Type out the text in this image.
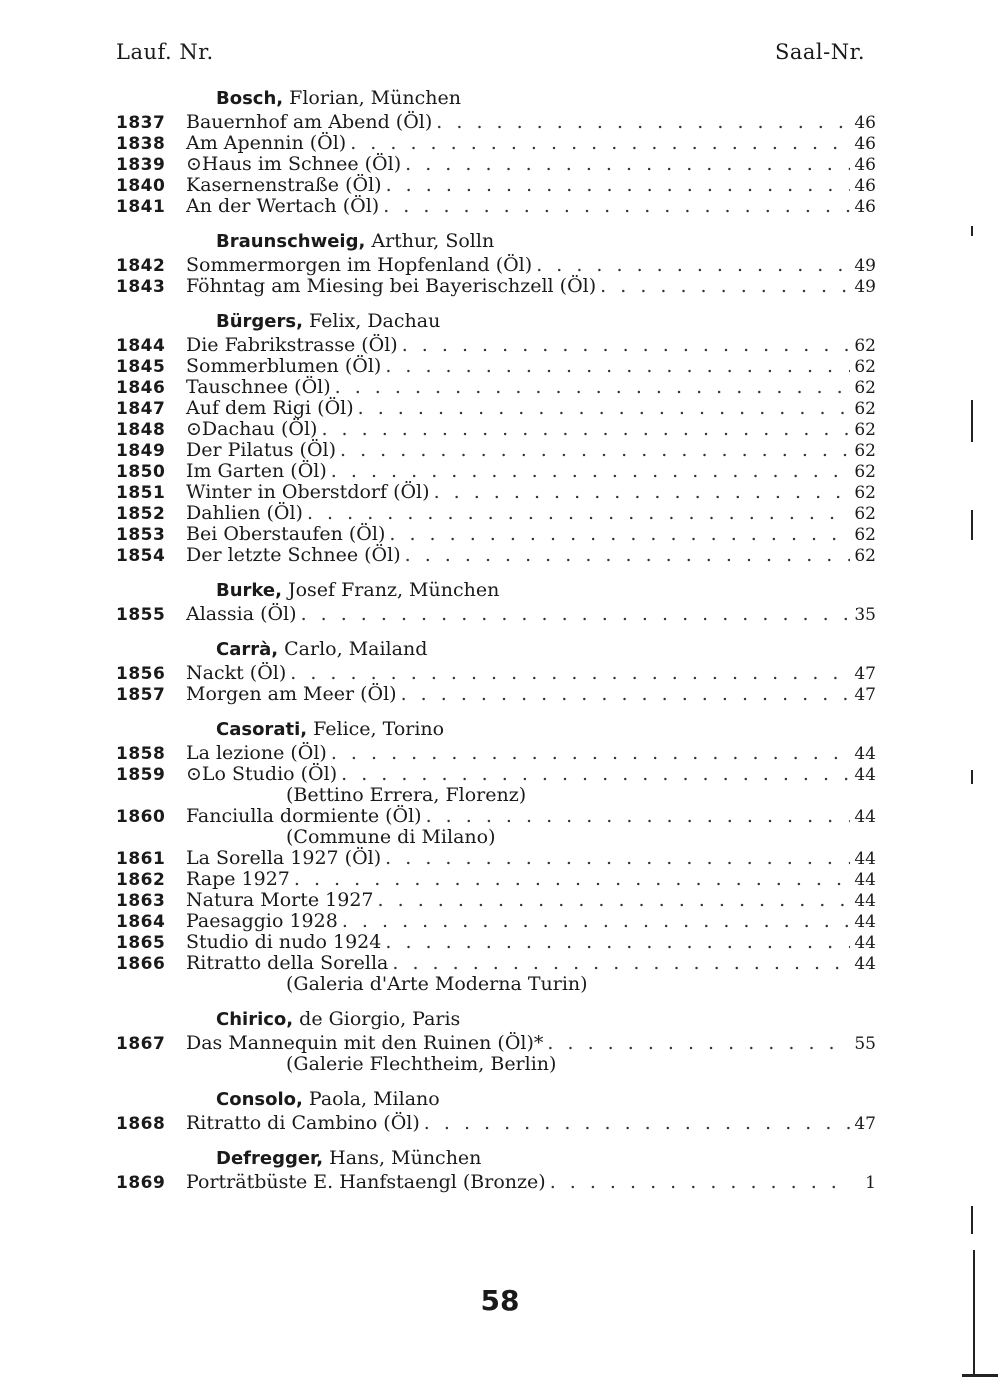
Lauf. Nr.	Saal-Nr.
Bosch, Florian, München
1837	Bauernhof am Abend (Öl) . . .	46
1838	Am Apennin (Öl) . . .	46
1839	⊙Haus im Schnee (Öl) . . .	46
1840	Kasernenstraße (Öl) . . .	46
1841	An der Wertach (Öl) . . .	46
Braunschweig, Arthur, Solln
1842	Sommermorgen im Hopfenland (Öl) . . .	49
1843	Föhntag am Miesing bei Bayerischzell (Öl) . . .	49
Bürgers, Felix, Dachau
1844	Die Fabrikstrasse (Öl) . . .	62
1845	Sommerblumen (Öl) . . .	62
1846	Tauschnee (Öl) . . .	62
1847	Auf dem Rigi (Öl) . . .	62
1848	⊙Dachau (Öl) . . .	62
1849	Der Pilatus (Öl) . . .	62
1850	Im Garten (Öl) . . .	62
1851	Winter in Oberstdorf (Öl) . . .	62
1852	Dahlien (Öl) . . .	62
1853	Bei Oberstaufen (Öl) . . .	62
1854	Der letzte Schnee (Öl) . . .	62
Burke, Josef Franz, München
1855	Alassia (Öl) . . .	35
Carrà, Carlo, Mailand
1856	Nackt (Öl) . . .	47
1857	Morgen am Meer (Öl) . . .	47
Casorati, Felice, Torino
1858	La lezione (Öl) . . .	44
1859	⊙Lo Studio (Öl) . . .	44
(Bettino Errera, Florenz)
1860	Fanciulla dormiente (Öl) . . .	44
(Commune di Milano)
1861	La Sorella 1927 (Öl) . . .	44
1862	Rape 1927 . . .	44
1863	Natura Morte 1927 . . .	44
1864	Paesaggio 1928 . . .	44
1865	Studio di nudo 1924 . . .	44
1866	Ritratto della Sorella . . .	44
(Galeria d'Arte Moderna Turin)
Chirico, de Giorgio, Paris
1867	Das Mannequin mit den Ruinen (Öl)* . . .	55
(Galerie Flechtheim, Berlin)
Consolo, Paola, Milano
1868	Ritratto di Cambino (Öl) . . .	47
Defregger, Hans, München
1869	Porträtbüste E. Hanfstaengl (Bronze) . . .	1
58
